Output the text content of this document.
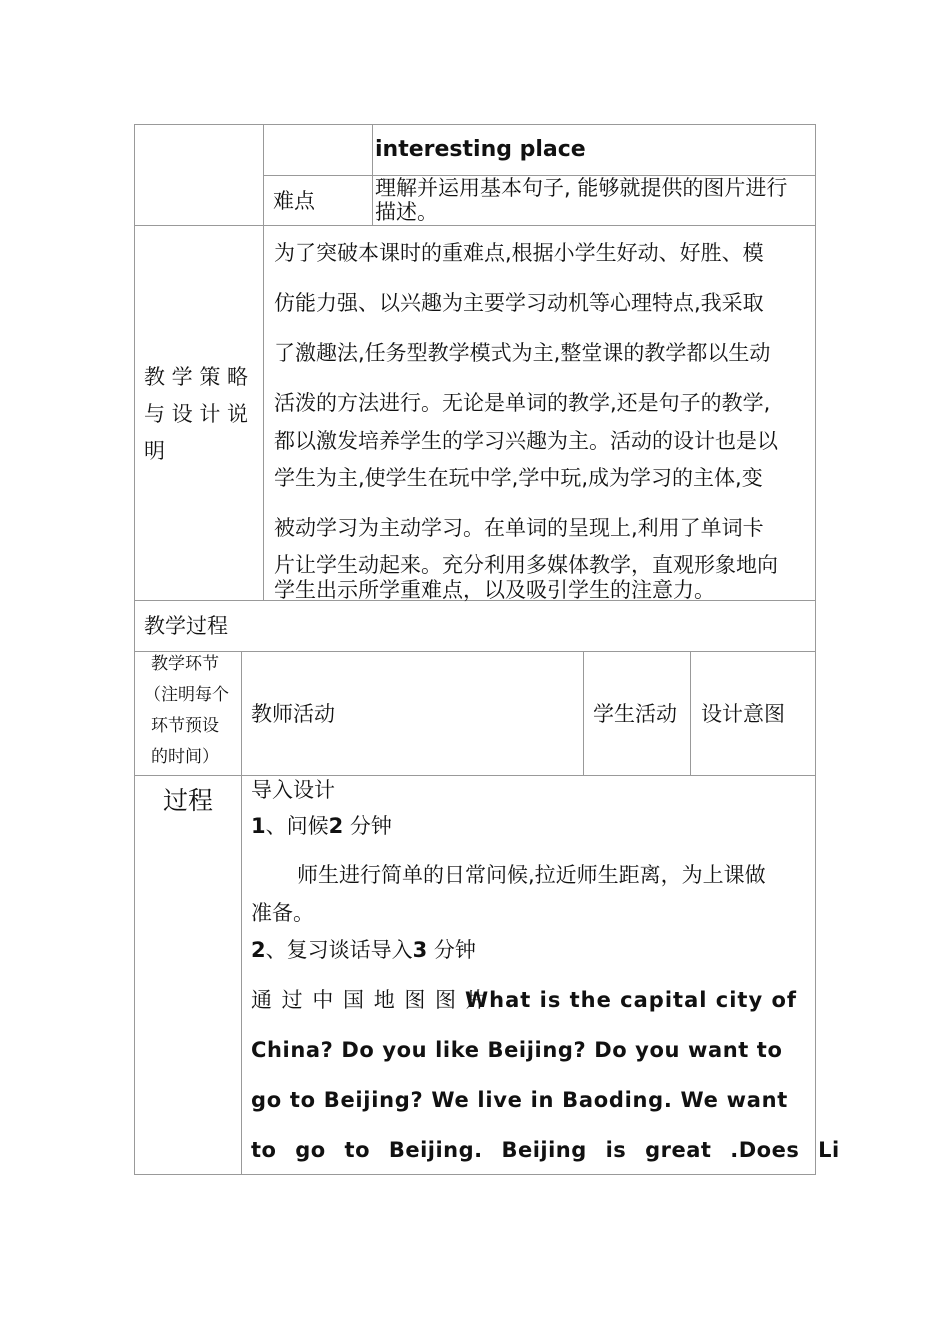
interesting place
难点
理解并运用基本句子, 能够就提供的图片进行
描述。
教 学 策 略
与 设 计 说
明
为了突破本课时的重难点,根据小学生好动、好胜、模
仿能力强、以兴趣为主要学习动机等心理特点,我采取
了激趣法,任务型教学模式为主,整堂课的教学都以生动
活泼的方法进行。无论是单词的教学,还是句子的教学,
都以激发培养学生的学习兴趣为主。活动的设计也是以
学生为主,使学生在玩中学,学中玩,成为学习的主体,变
被动学习为主动学习。在单词的呈现上,利用了单词卡
片让学生动起来。充分利用多媒体教学，直观形象地向
学生出示所学重难点，以及吸引学生的注意力。
教学过程
教学环节
（注明每个
环节预设
的时间）
教师活动	学生活动 设计意图
过程 导入设计
1、问候2 分钟
师生进行简单的日常问候,拉近师生距离，为上课做
准备。
2、复习谈话导入3 分钟
通 过 中 国 地 图 图 片
What is the capital city of
China? Do you like Beijing? Do you want to
go to Beijing? We live in Baoding. We want
to go to Beijing. Beijing is great .Does Li
